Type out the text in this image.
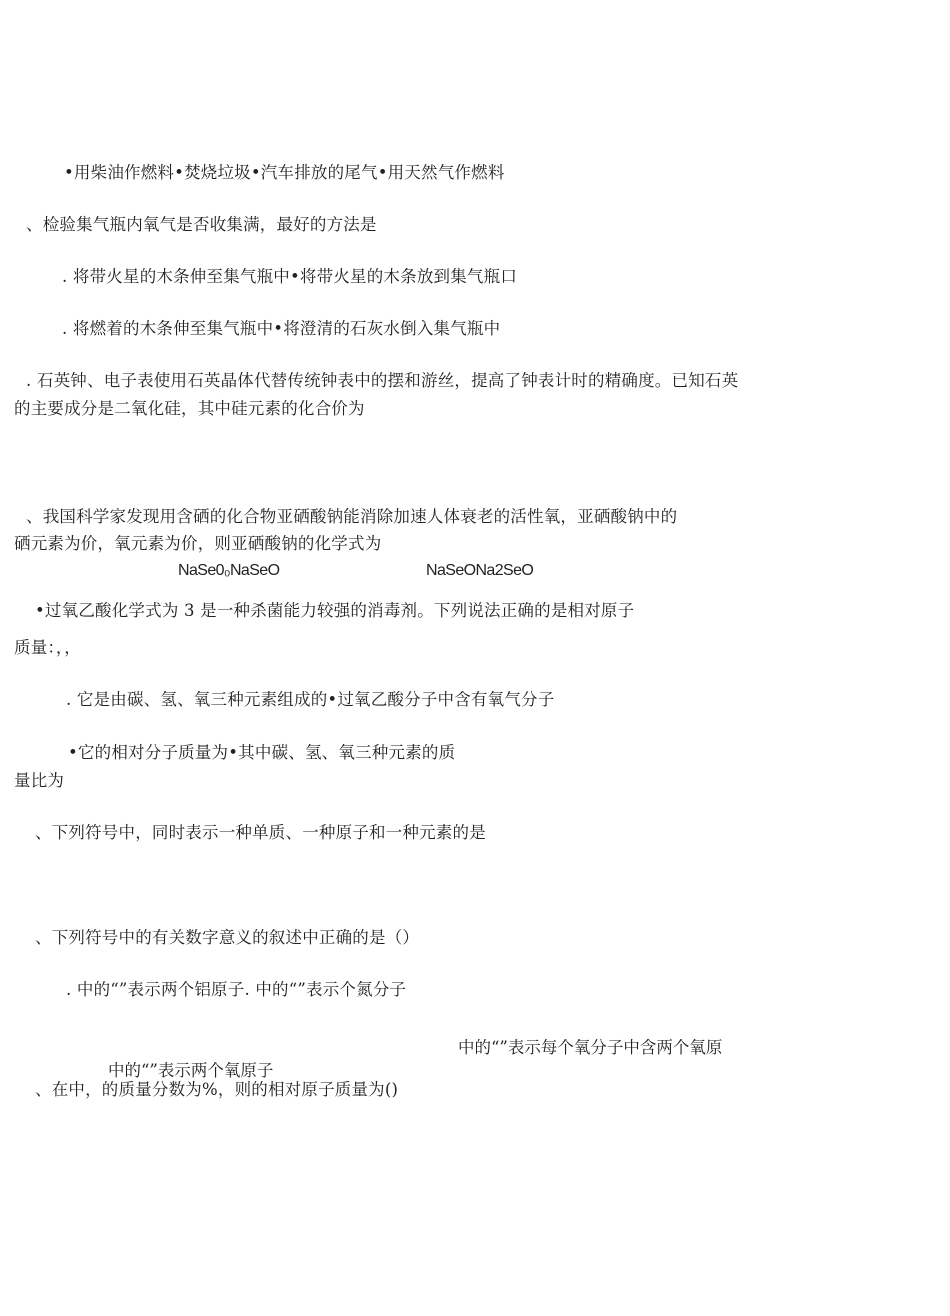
•用柴油作燃料•焚烧垃圾•汽车排放的尾气•用天然气作燃料
、检验集气瓶内氧气是否收集满，最好的方法是
. 将带火星的木条伸至集气瓶中•将带火星的木条放到集气瓶口
. 将燃着的木条伸至集气瓶中•将澄清的石灰水倒入集气瓶中
. 石英钟、电子表使用石英晶体代替传统钟表中的摆和游丝，提高了钟表计时的精确度。已知石英
的主要成分是二氧化硅，其中硅元素的化合价为
、我国科学家发现用含硒的化合物亚硒酸钠能消除加速人体衰老的活性氧，亚硒酸钠中的
硒元素为价，氧元素为价，则亚硒酸钠的化学式为
NaSe0₀NaSeO	NaSeONa2SeO
•过氧乙酸化学式为 3 是一种杀菌能力较强的消毒剂。下列说法正确的是相对原子
质量：，，
. 它是由碳、氢、氧三种元素组成的•过氧乙酸分子中含有氧气分子
•它的相对分子质量为•其中碳、氢、氧三种元素的质
量比为
、下列符号中，同时表示一种单质、一种原子和一种元素的是
、下列符号中的有关数字意义的叙述中正确的是（）
. 中的“”表示两个铝原子. 中的“”表示个氮分子
中的“”表示每个氧分子中含两个氧原
中的“”表示两个氧原子
、在中，的质量分数为%，则的相对原子质量为()
